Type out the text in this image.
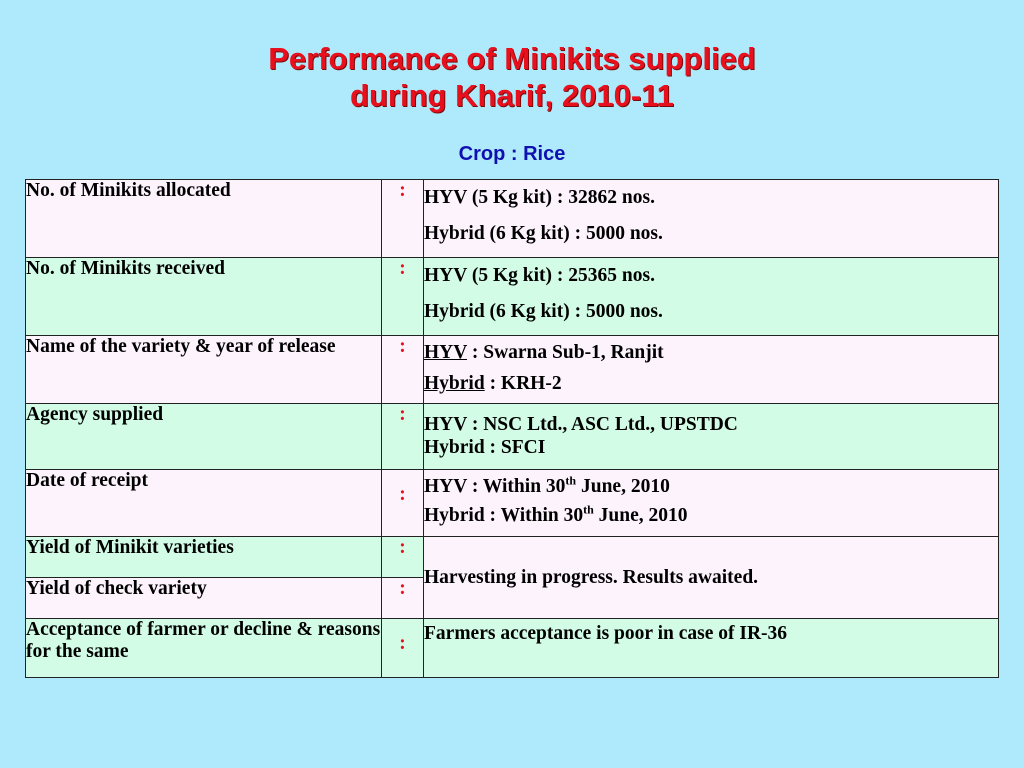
Performance of Minikits supplied
during Kharif, 2010-11
Crop : Rice
No. of Minikits allocated	:	HYV (5 Kg kit) : 32862 nos.
Hybrid (6 Kg kit) : 5000 nos.

No. of Minikits received	:	HYV (5 Kg kit) : 25365 nos.
Hybrid (6 Kg kit) : 5000 nos.

Name of the variety & year of release	:	HYV : Swarna Sub-1, Ranjit
Hybrid : KRH-2

Agency supplied	:	HYV : NSC Ltd., ASC Ltd., UPSTDC
Hybrid : SFCI

Date of receipt	:	HYV : Within 30th June, 2010
Hybrid : Within 30th June, 2010

Yield of Minikit varieties	:	Harvesting in progress. Results awaited.
Yield of check variety	:	
Acceptance of farmer or decline & reasons for the same	:	Farmers acceptance is poor in case of IR-36
